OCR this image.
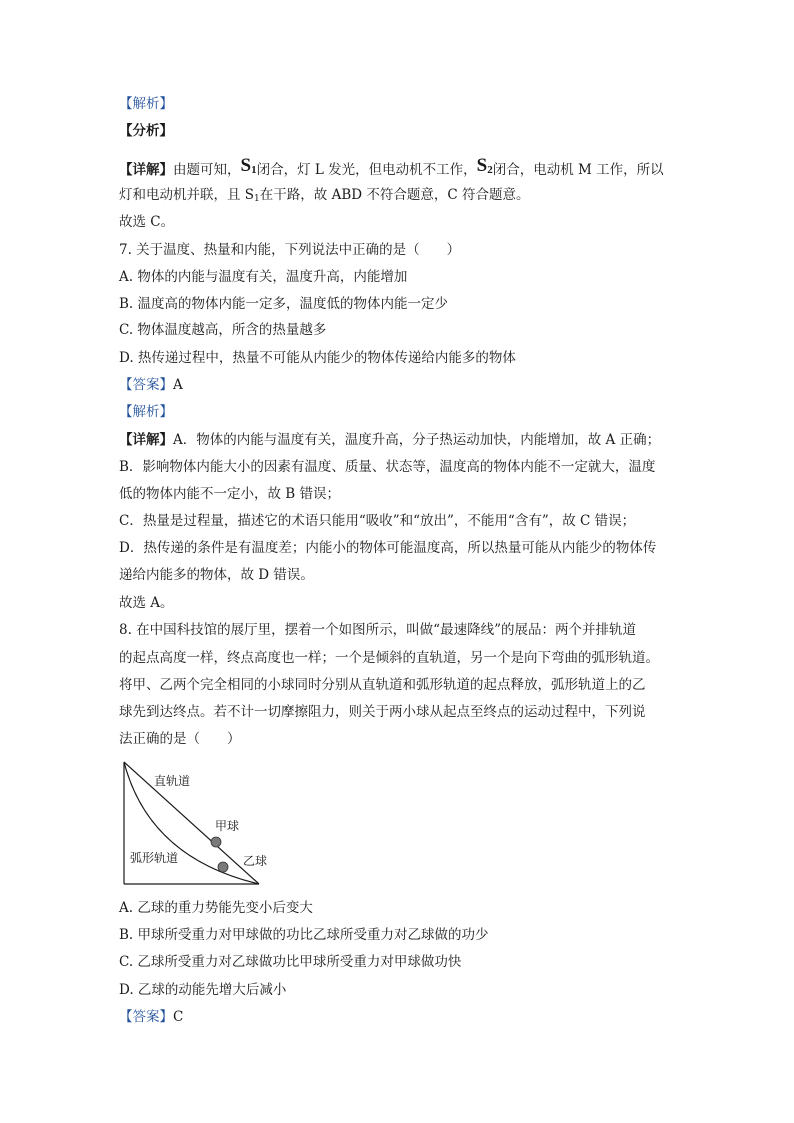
【解析】
【分析】
【详解】由题可知，$S_1$闭合，灯 L 发光，但电动机不工作，$S_2$闭合，电动机 M 工作，所以
灯和电动机并联，且 S1在干路，故 ABD 不符合题意，C 符合题意。
故选 C。
7. 关于温度、热量和内能，下列说法中正确的是（　　）
A. 物体的内能与温度有关，温度升高，内能增加
B. 温度高的物体内能一定多，温度低的物体内能一定少
C. 物体温度越高，所含的热量越多
D. 热传递过程中，热量不可能从内能少的物体传递给内能多的物体
【答案】A
【解析】
【详解】A．物体的内能与温度有关，温度升高，分子热运动加快，内能增加，故 A 正确；
B．影响物体内能大小的因素有温度、质量、状态等，温度高的物体内能不一定就大，温度
低的物体内能不一定小，故 B 错误；
C．热量是过程量，描述它的术语只能用“吸收”和“放出”，不能用“含有”，故 C 错误；
D．热传递的条件是有温度差；内能小的物体可能温度高，所以热量可能从内能少的物体传
递给内能多的物体，故 D 错误。
故选 A。
8. 在中国科技馆的展厅里，摆着一个如图所示，叫做“最速降线”的展品：两个并排轨道
的起点高度一样，终点高度也一样；一个是倾斜的直轨道，另一个是向下弯曲的弧形轨道。
将甲、乙两个完全相同的小球同时分别从直轨道和弧形轨道的起点释放，弧形轨道上的乙
球先到达终点。若不计一切摩擦阻力，则关于两小球从起点至终点的运动过程中，下列说
法正确的是（　　）
直轨道
甲球
弧形轨道	乙球
A. 乙球的重力势能先变小后变大
B. 甲球所受重力对甲球做的功比乙球所受重力对乙球做的功少
C. 乙球所受重力对乙球做功比甲球所受重力对甲球做功快
D. 乙球的动能先增大后减小
【答案】C
